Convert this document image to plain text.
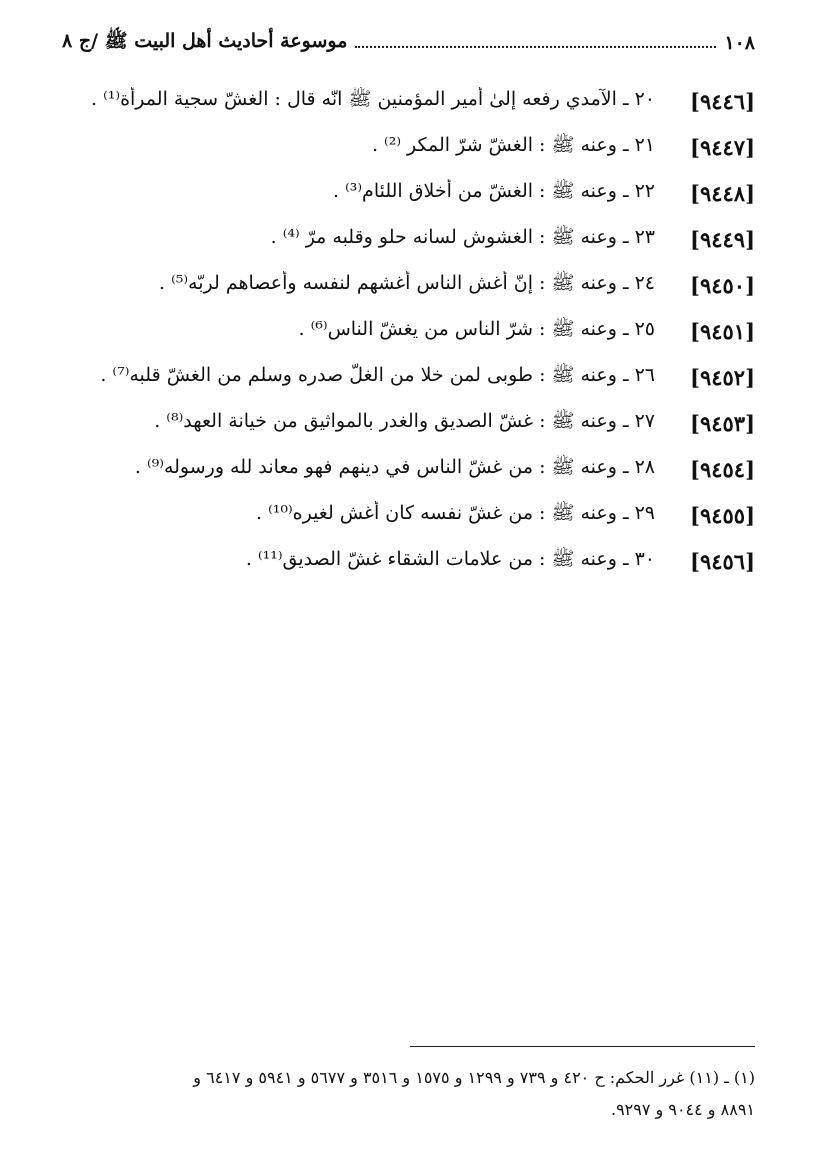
١٠٨
موسوعة أحاديث أهل البيت ﷺ /ج ٨
[٩٤٤٦]
٢٠ ـ الآمدي رفعه إلىٰ أمير المؤمنين ﷺ انّه قال : الغشّ سجية المرأة⁽¹⁾ .
[٩٤٤٧]
٢١ ـ وعنه ﷺ : الغشّ شرّ المكر ⁽²⁾ .
[٩٤٤٨]
٢٢ ـ وعنه ﷺ : الغشّ من أخلاق اللئام⁽³⁾ .
[٩٤٤٩]
٢٣ ـ وعنه ﷺ : الغشوش لسانه حلو وقلبه مرّ ⁽⁴⁾ .
[٩٤٥٠]
٢٤ ـ وعنه ﷺ : إنّ أغش الناس أغشهم لنفسه وأعصاهم لربّه⁽⁵⁾ .
[٩٤٥١]
٢٥ ـ وعنه ﷺ : شرّ الناس من يغشّ الناس⁽⁶⁾ .
[٩٤٥٢]
٢٦ ـ وعنه ﷺ : طوبى لمن خلا من الغلّ صدره وسلم من الغشّ قلبه⁽⁷⁾ .
[٩٤٥٣]
٢٧ ـ وعنه ﷺ : غشّ الصديق والغدر بالمواثيق من خيانة العهد⁽⁸⁾ .
[٩٤٥٤]
٢٨ ـ وعنه ﷺ : من غشّ الناس في دينهم فهو معاند لله ورسوله⁽⁹⁾ .
[٩٤٥٥]
٢٩ ـ وعنه ﷺ : من غشّ نفسه كان أغش لغيره⁽¹⁰⁾ .
[٩٤٥٦]
٣٠ ـ وعنه ﷺ : من علامات الشقاء غشّ الصديق⁽¹¹⁾ .
(١) ـ (١١) غرر الحكم: ح ٤٢٠ و ٧٣٩ و ١٢٩٩ و ١٥٧٥ و ٣٥١٦ و ٥٦٧٧ و ٥٩٤١ و ٦٤١٧ و
٨٨٩١ و ٩٠٤٤ و ٩٢٩٧.
